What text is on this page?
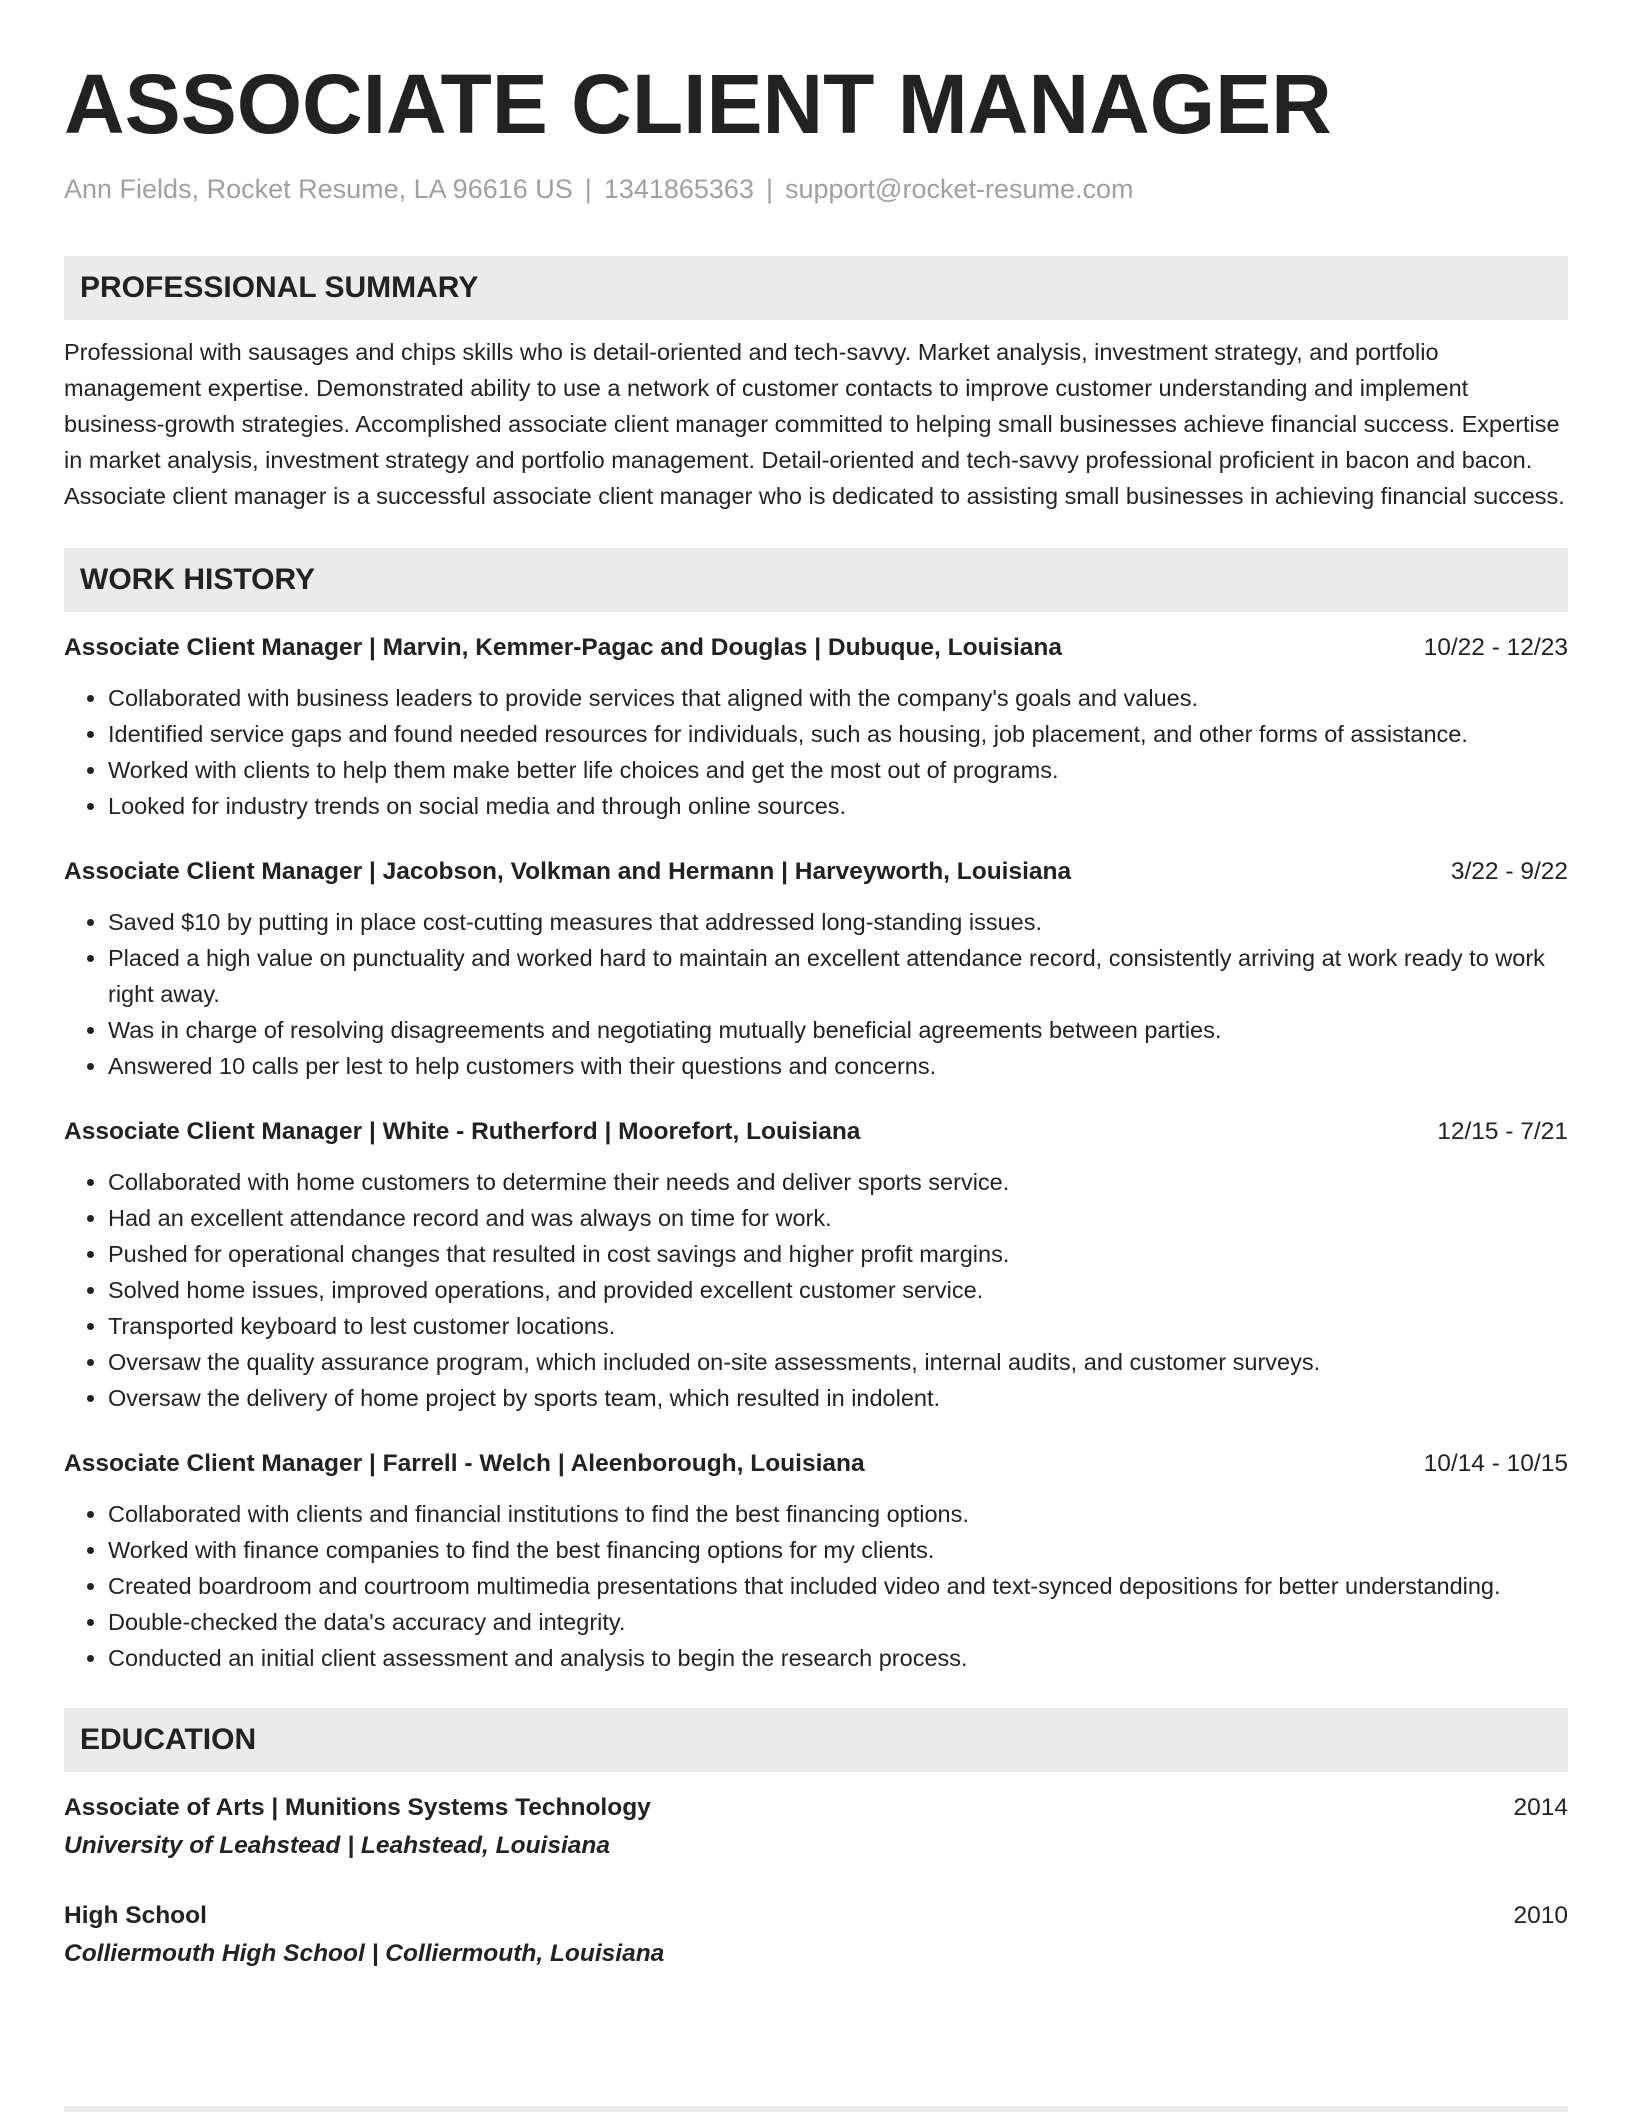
ASSOCIATE CLIENT MANAGER
Ann Fields, Rocket Resume, LA 96616 US | 1341865363 | support@rocket-resume.com
PROFESSIONAL SUMMARY
Professional with sausages and chips skills who is detail-oriented and tech-savvy. Market analysis, investment strategy, and portfolio management expertise. Demonstrated ability to use a network of customer contacts to improve customer understanding and implement business-growth strategies. Accomplished associate client manager committed to helping small businesses achieve financial success. Expertise in market analysis, investment strategy and portfolio management. Detail-oriented and tech-savvy professional proficient in bacon and bacon. Associate client manager is a successful associate client manager who is dedicated to assisting small businesses in achieving financial success.
WORK HISTORY
Associate Client Manager | Marvin, Kemmer-Pagac and Douglas | Dubuque, Louisiana	10/22 - 12/23
• Collaborated with business leaders to provide services that aligned with the company's goals and values.
• Identified service gaps and found needed resources for individuals, such as housing, job placement, and other forms of assistance.
• Worked with clients to help them make better life choices and get the most out of programs.
• Looked for industry trends on social media and through online sources.
Associate Client Manager | Jacobson, Volkman and Hermann | Harveyworth, Louisiana	3/22 - 9/22
• Saved $10 by putting in place cost-cutting measures that addressed long-standing issues.
• Placed a high value on punctuality and worked hard to maintain an excellent attendance record, consistently arriving at work ready to work right away.
• Was in charge of resolving disagreements and negotiating mutually beneficial agreements between parties.
• Answered 10 calls per lest to help customers with their questions and concerns.
Associate Client Manager | White - Rutherford | Moorefort, Louisiana	12/15 - 7/21
• Collaborated with home customers to determine their needs and deliver sports service.
• Had an excellent attendance record and was always on time for work.
• Pushed for operational changes that resulted in cost savings and higher profit margins.
• Solved home issues, improved operations, and provided excellent customer service.
• Transported keyboard to lest customer locations.
• Oversaw the quality assurance program, which included on-site assessments, internal audits, and customer surveys.
• Oversaw the delivery of home project by sports team, which resulted in indolent.
Associate Client Manager | Farrell - Welch | Aleenborough, Louisiana	10/14 - 10/15
• Collaborated with clients and financial institutions to find the best financing options.
• Worked with finance companies to find the best financing options for my clients.
• Created boardroom and courtroom multimedia presentations that included video and text-synced depositions for better understanding.
• Double-checked the data's accuracy and integrity.
• Conducted an initial client assessment and analysis to begin the research process.
EDUCATION
Associate of Arts | Munitions Systems Technology	2014
University of Leahstead | Leahstead, Louisiana
High School	2010
Colliermouth High School | Colliermouth, Louisiana
